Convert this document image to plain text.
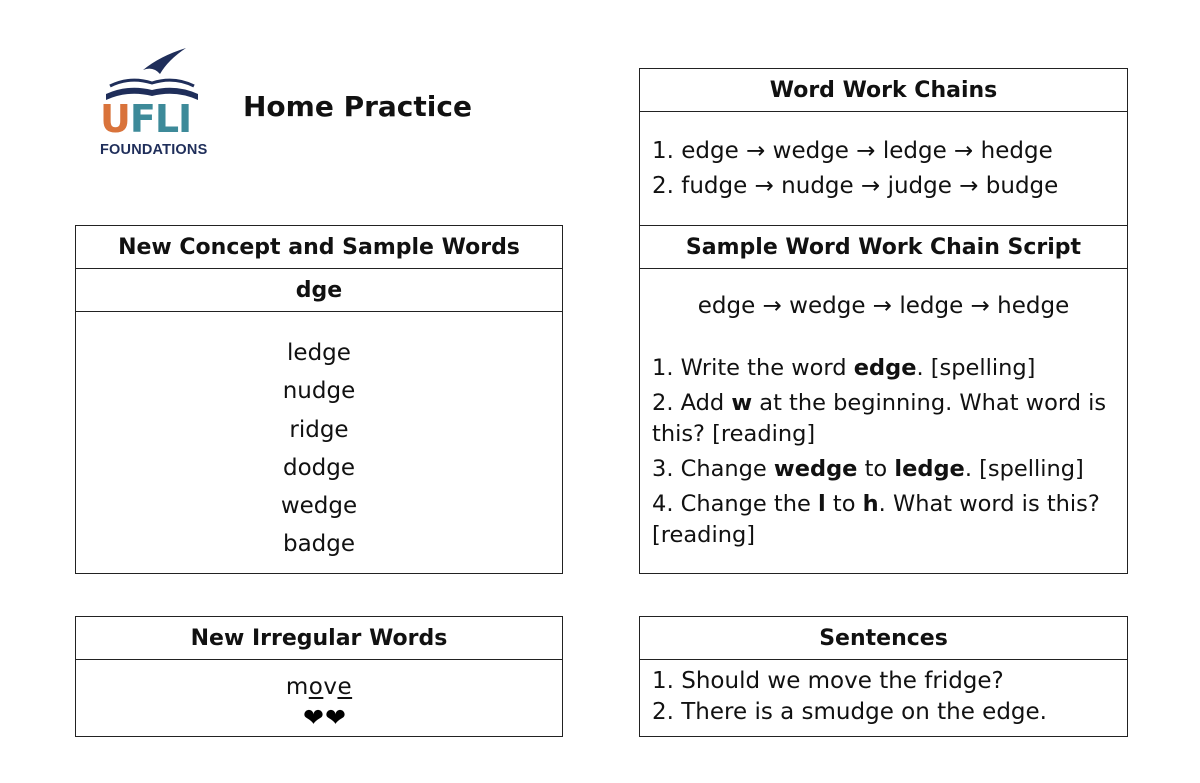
UFLI
FOUNDATIONS
Home Practice
New Concept and Sample Words
dge
ledge
nudge
ridge
dodge
wedge
badge
New Irregular Words
move
❤❤
Word Work Chains
1. edge → wedge → ledge → hedge
2. fudge → nudge → judge → budge
Sample Word Work Chain Script
edge → wedge → ledge → hedge
1. Write the word edge. [spelling]
2. Add w at the beginning. What word is this? [reading]
3. Change wedge to ledge. [spelling]
4. Change the l to h. What word is this? [reading]
Sentences
1. Should we move the fridge?
2. There is a smudge on the edge.
